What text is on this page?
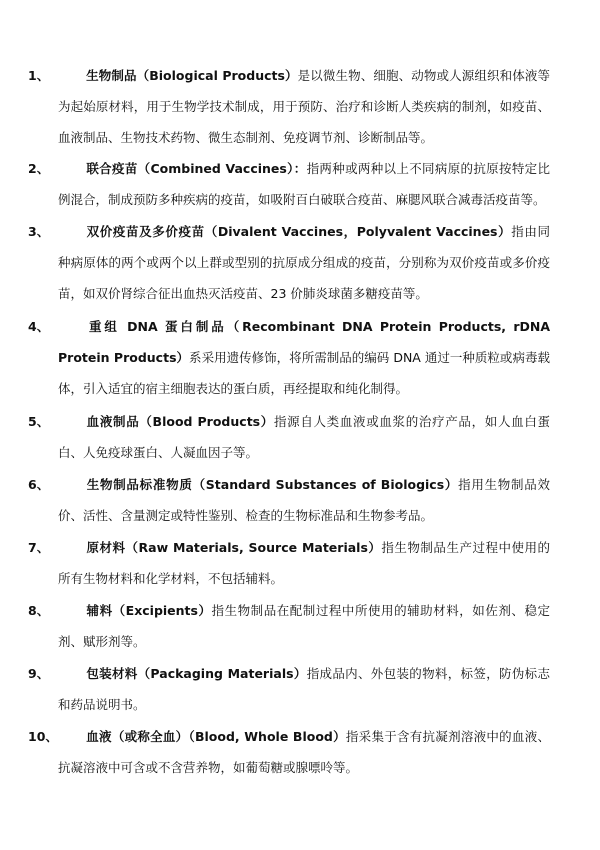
1、	生物制品（Biological Products）是以微生物、细胞、动物或人源组织和体液等为起始原材料，用于生物学技术制成，用于预防、治疗和诊断人类疾病的制剂，如疫苗、血液制品、生物技术药物、微生态制剂、免疫调节剂、诊断制品等。

2、	联合疫苗（Combined Vaccines）：指两种或两种以上不同病原的抗原按特定比例混合，制成预防多种疾病的疫苗，如吸附百白破联合疫苗、麻腮风联合减毒活疫苗等。

3、	双价疫苗及多价疫苗（Divalent Vaccines，Polyvalent Vaccines）指由同种病原体的两个或两个以上群或型别的抗原成分组成的疫苗，分别称为双价疫苗或多价疫苗，如双价肾综合征出血热灭活疫苗、23 价肺炎球菌多糖疫苗等。

4、	重组 DNA 蛋白制品（Recombinant DNA Protein Products, rDNA Protein Products）系采用遗传修饰，将所需制品的编码 DNA 通过一种质粒或病毒载体，引入适宜的宿主细胞表达的蛋白质，再经提取和纯化制得。

5、	血液制品（Blood Products）指源自人类血液或血浆的治疗产品，如人血白蛋白、人免疫球蛋白、人凝血因子等。

6、	生物制品标准物质（Standard Substances of Biologics）指用生物制品效价、活性、含量测定或特性鉴别、检查的生物标准品和生物参考品。

7、	原材料（Raw Materials, Source Materials）指生物制品生产过程中使用的所有生物材料和化学材料，不包括辅料。

8、	辅料（Excipients）指生物制品在配制过程中所使用的辅助材料，如佐剂、稳定剂、赋形剂等。

9、	包装材料（Packaging Materials）指成品内、外包装的物料，标签，防伪标志和药品说明书。

10、 血液（或称全血）（Blood, Whole Blood）指采集于含有抗凝剂溶液中的血液、抗凝溶液中可含或不含营养物，如葡萄糖或腺嘌呤等。
